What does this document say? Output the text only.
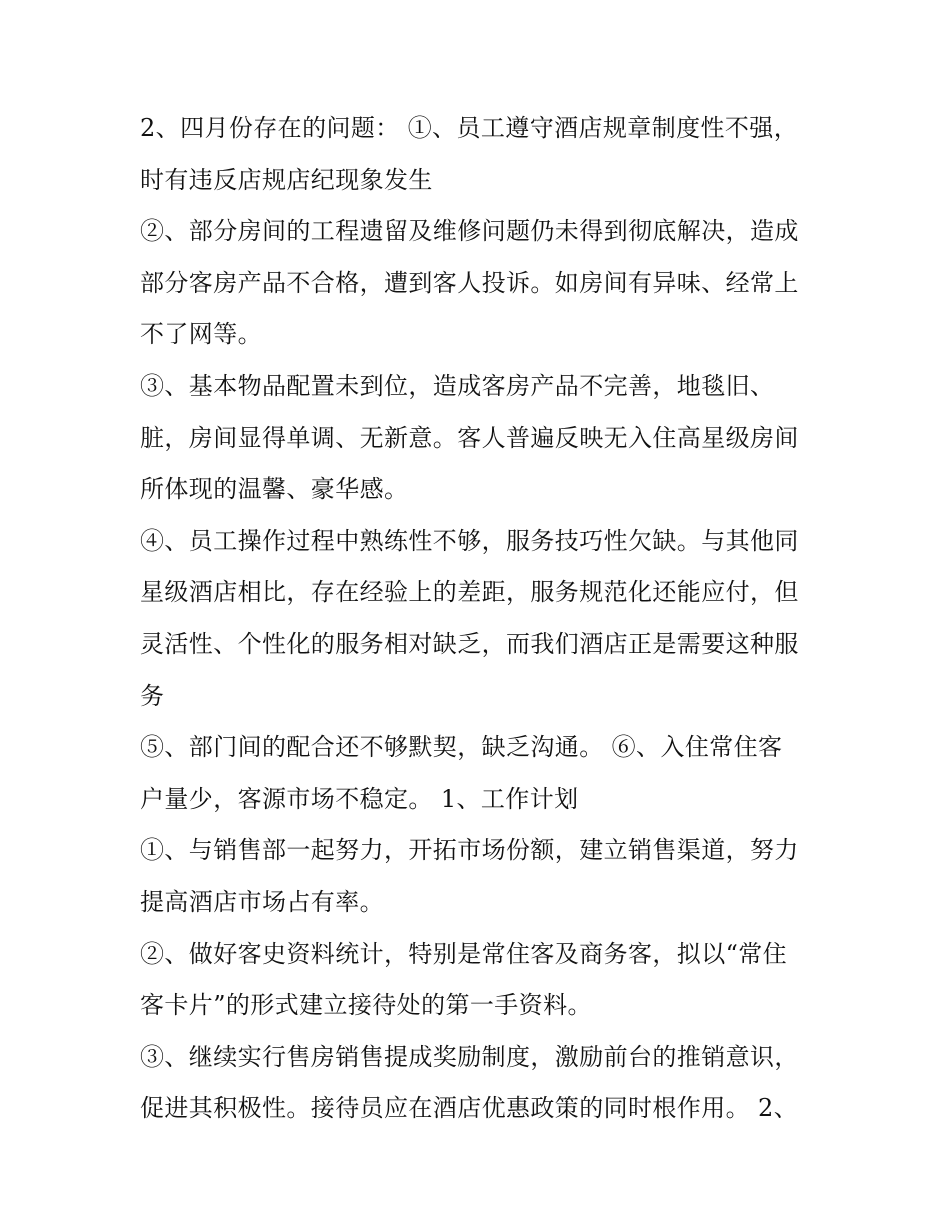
2、四月份存在的问题： ①、员工遵守酒店规章制度性不强，
时有违反店规店纪现象发生
②、部分房间的工程遗留及维修问题仍未得到彻底解决，造成
部分客房产品不合格，遭到客人投诉。如房间有异味、经常上
不了网等。
③、基本物品配置未到位，造成客房产品不完善，地毯旧、
脏，房间显得单调、无新意。客人普遍反映无入住高星级房间
所体现的温馨、豪华感。
④、员工操作过程中熟练性不够，服务技巧性欠缺。与其他同
星级酒店相比，存在经验上的差距，服务规范化还能应付，但
灵活性、个性化的服务相对缺乏，而我们酒店正是需要这种服
务
⑤、部门间的配合还不够默契，缺乏沟通。 ⑥、入住常住客
户量少，客源市场不稳定。 1、工作计划
①、与销售部一起努力，开拓市场份额，建立销售渠道，努力
提高酒店市场占有率。
②、做好客史资料统计，特别是常住客及商务客，拟以“常住
客卡片”的形式建立接待处的第一手资料。
③、继续实行售房销售提成奖励制度，激励前台的推销意识，
促进其积极性。接待员应在酒店优惠政策的同时根作用。 2、
